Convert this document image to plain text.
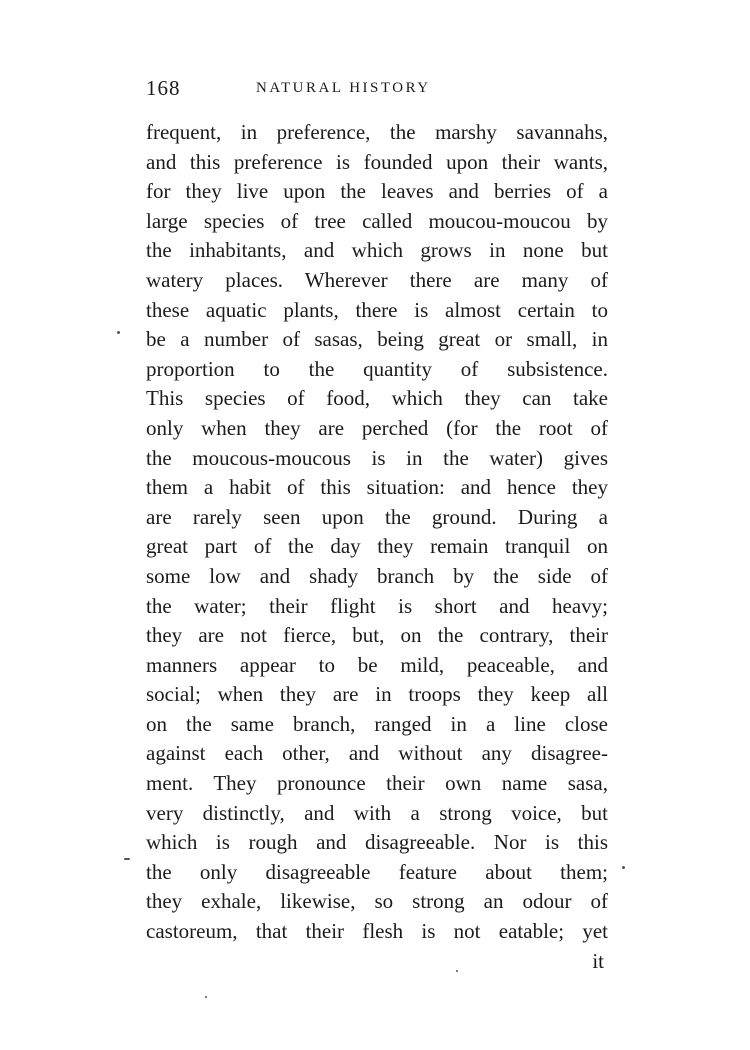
168	NATURAL HISTORY
frequent, in preference, the marshy savannahs,
and this preference is founded upon their wants,
for they live upon the leaves and berries of a
large species of tree called moucou-moucou by
the inhabitants, and which grows in none but
watery places. Wherever there are many of
these aquatic plants, there is almost certain to
be a number of sasas, being great or small, in
proportion to the quantity of subsistence.
This species of food, which they can take
only when they are perched (for the root of
the moucous-moucous is in the water) gives
them a habit of this situation: and hence they
are rarely seen upon the ground. During a
great part of the day they remain tranquil on
some low and shady branch by the side of
the water; their flight is short and heavy;
they are not fierce, but, on the contrary, their
manners appear to be mild, peaceable, and
social; when they are in troops they keep all
on the same branch, ranged in a line close
against each other, and without any disagree-
ment. They pronounce their own name sasa,
very distinctly, and with a strong voice, but
which is rough and disagreeable. Nor is this
the only disagreeable feature about them;
they exhale, likewise, so strong an odour of
castoreum, that their flesh is not eatable; yet
it
